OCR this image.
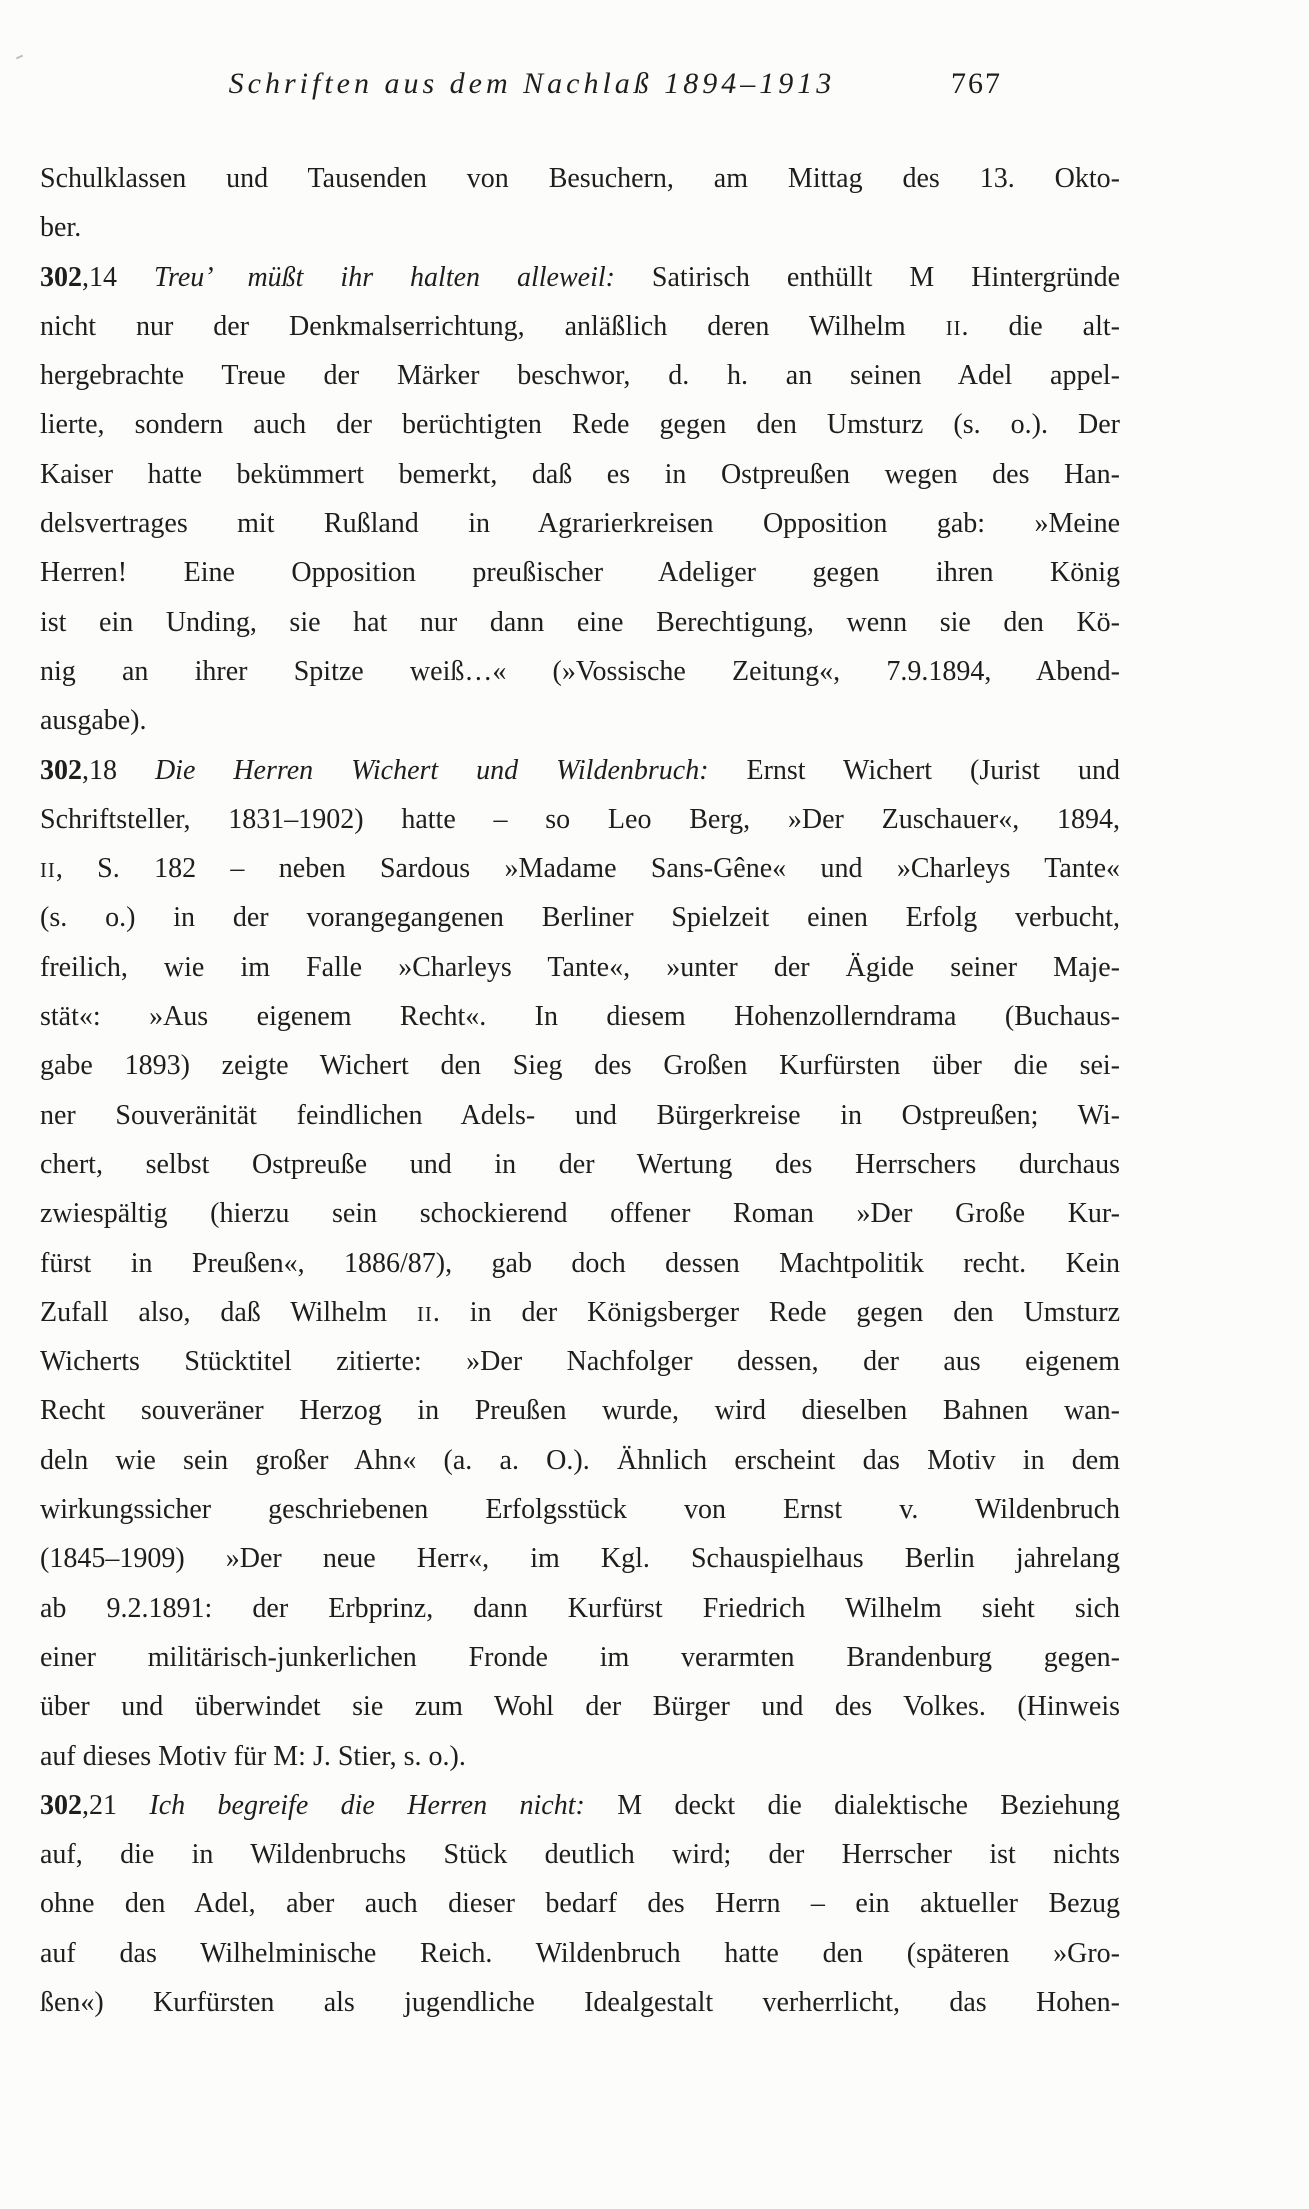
Schriften aus dem Nachlaß 1894–1913	767
Schulklassen und Tausenden von Besuchern, am Mittag des 13. Okto-
ber.
302,14 Treu’ müßt ihr halten alleweil: Satirisch enthüllt M Hintergründe
nicht nur der Denkmalserrichtung, anläßlich deren Wilhelm II. die alt-
hergebrachte Treue der Märker beschwor, d. h. an seinen Adel appel-
lierte, sondern auch der berüchtigten Rede gegen den Umsturz (s. o.). Der
Kaiser hatte bekümmert bemerkt, daß es in Ostpreußen wegen des Han-
delsvertrages mit Rußland in Agrarierkreisen Opposition gab: »Meine
Herren! Eine Opposition preußischer Adeliger gegen ihren König
ist ein Unding, sie hat nur dann eine Berechtigung, wenn sie den Kö-
nig an ihrer Spitze weiß…« (»Vossische Zeitung«, 7.9.1894, Abend-
ausgabe).
302,18 Die Herren Wichert und Wildenbruch: Ernst Wichert (Jurist und
Schriftsteller, 1831–1902) hatte – so Leo Berg, »Der Zuschauer«, 1894,
II, S. 182 – neben Sardous »Madame Sans-Gêne« und »Charleys Tante«
(s. o.) in der vorangegangenen Berliner Spielzeit einen Erfolg verbucht,
freilich, wie im Falle »Charleys Tante«, »unter der Ägide seiner Maje-
stät«: »Aus eigenem Recht«. In diesem Hohenzollerndrama (Buchaus-
gabe 1893) zeigte Wichert den Sieg des Großen Kurfürsten über die sei-
ner Souveränität feindlichen Adels- und Bürgerkreise in Ostpreußen; Wi-
chert, selbst Ostpreuße und in der Wertung des Herrschers durchaus
zwiespältig (hierzu sein schockierend offener Roman »Der Große Kur-
fürst in Preußen«, 1886/87), gab doch dessen Machtpolitik recht. Kein
Zufall also, daß Wilhelm II. in der Königsberger Rede gegen den Umsturz
Wicherts Stücktitel zitierte: »Der Nachfolger dessen, der aus eigenem
Recht souveräner Herzog in Preußen wurde, wird dieselben Bahnen wan-
deln wie sein großer Ahn« (a. a. O.). Ähnlich erscheint das Motiv in dem
wirkungssicher geschriebenen Erfolgsstück von Ernst v. Wildenbruch
(1845–1909) »Der neue Herr«, im Kgl. Schauspielhaus Berlin jahrelang
ab 9.2.1891: der Erbprinz, dann Kurfürst Friedrich Wilhelm sieht sich
einer militärisch-junkerlichen Fronde im verarmten Brandenburg gegen-
über und überwindet sie zum Wohl der Bürger und des Volkes. (Hinweis
auf dieses Motiv für M: J. Stier, s. o.).
302,21 Ich begreife die Herren nicht: M deckt die dialektische Beziehung
auf, die in Wildenbruchs Stück deutlich wird; der Herrscher ist nichts
ohne den Adel, aber auch dieser bedarf des Herrn – ein aktueller Bezug
auf das Wilhelminische Reich. Wildenbruch hatte den (späteren »Gro-
ßen«) Kurfürsten als jugendliche Idealgestalt verherrlicht, das Hohen-
